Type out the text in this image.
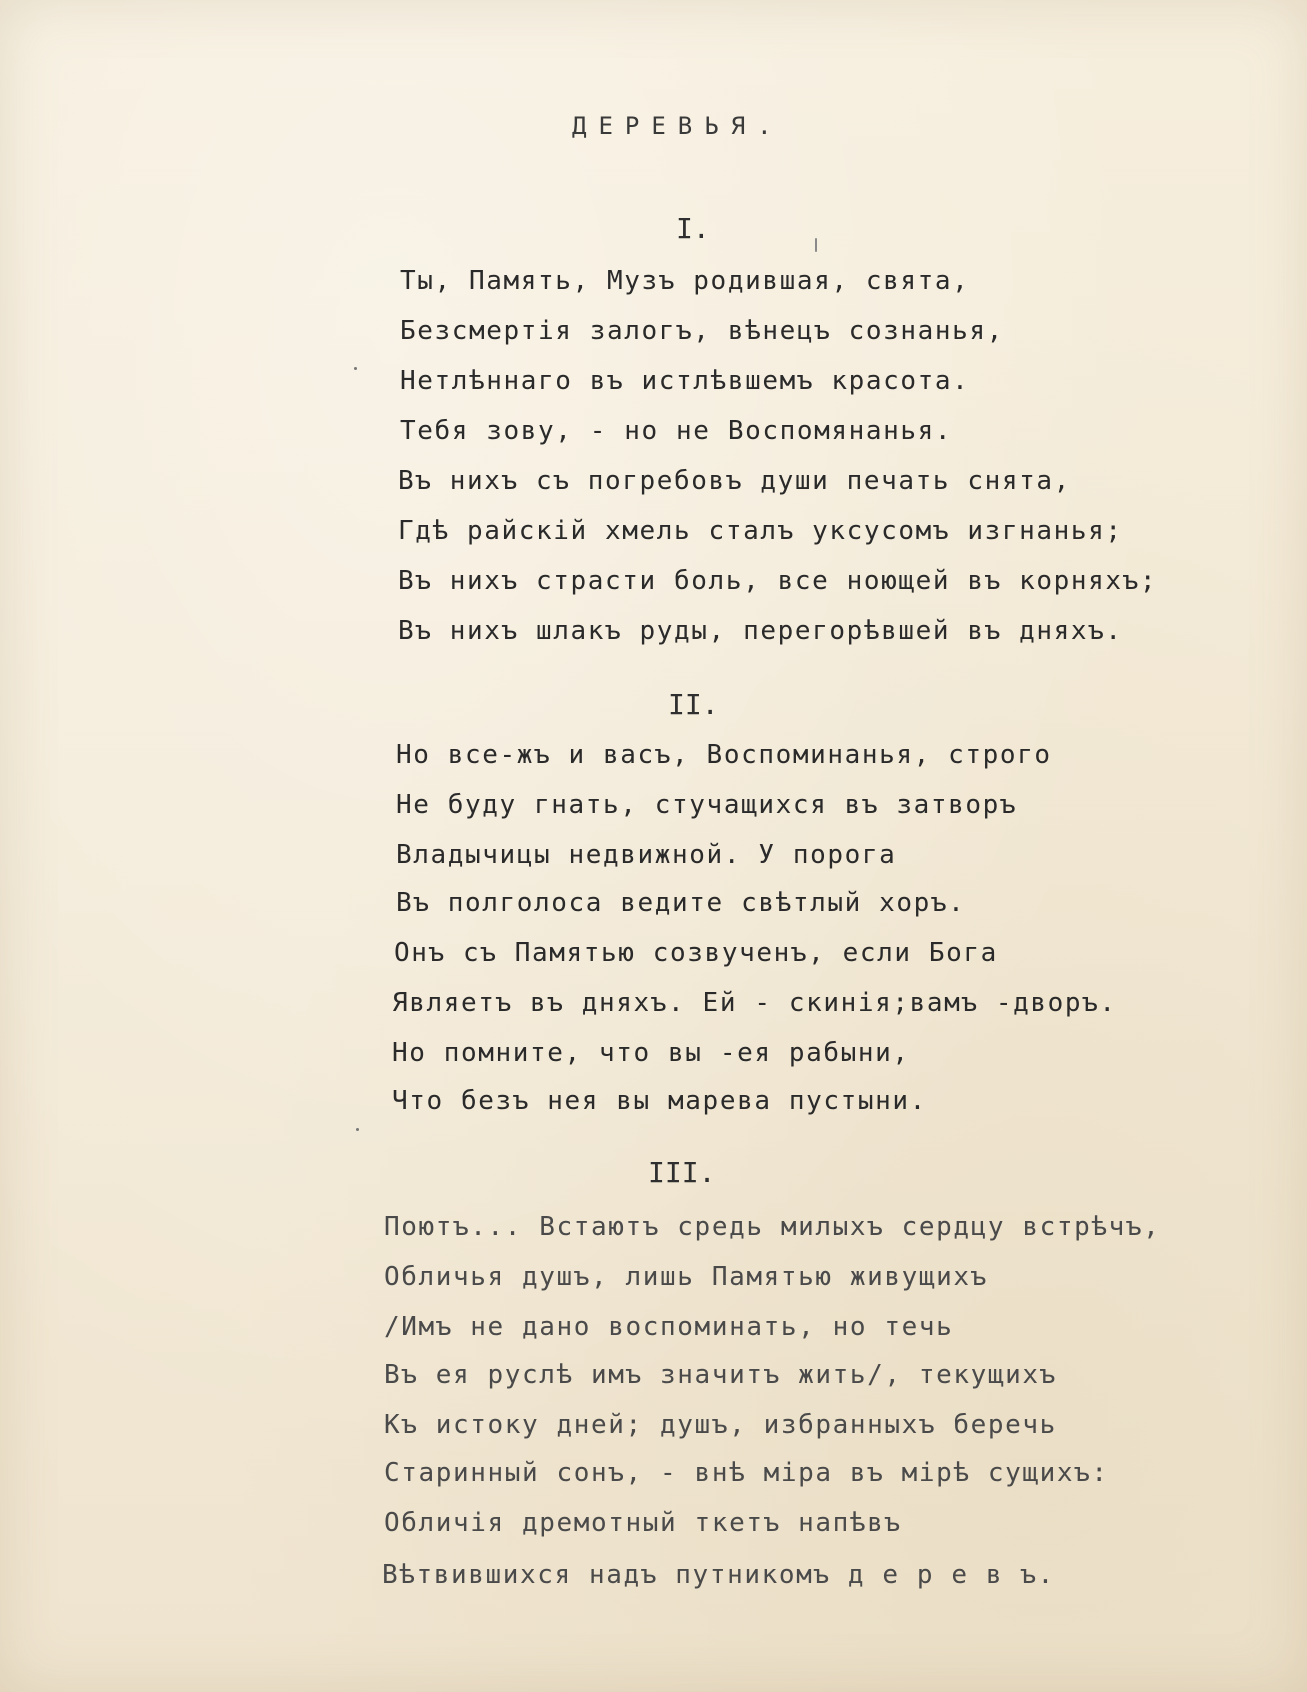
ДЕРЕВЬЯ.
I.
Ты, Память, Музъ родившая, свята,
Безсмертія залогъ, вѣнецъ сознанья,
Нетлѣннаго въ истлѣвшемъ красота.
Тебя зову, - но не Воспомянанья.
Въ нихъ съ погребовъ души печать снята,
Гдѣ райскій хмель сталъ уксусомъ изгнанья;
Въ нихъ страсти боль, все ноющей въ корняхъ;
Въ нихъ шлакъ руды, перегорѣвшей въ дняхъ.
II.
Но все-жъ и васъ, Воспоминанья, строго
Не буду гнать, стучащихся въ затворъ
Владычицы недвижной. У порога
Въ полголоса ведите свѣтлый хоръ.
Онъ съ Памятью созвученъ, если Бога
Являетъ въ дняхъ. Ей - скинія;вамъ -дворъ.
Но помните, что вы -ея рабыни,
Что безъ нея вы марева пустыни.
III.
Поютъ... Встаютъ средь милыхъ сердцу встрѣчъ,
Обличья душъ, лишь Памятью живущихъ
/Имъ не дано воспоминать, но течь
Въ ея руслѣ имъ значитъ жить/, текущихъ
Къ истоку дней; душъ, избранныхъ беречь
Старинный сонъ, - внѣ міра въ мірѣ сущихъ:
Обличія дремотный ткетъ напѣвъ
Вѣтвившихся надъ путникомъ д е р е в ъ.
